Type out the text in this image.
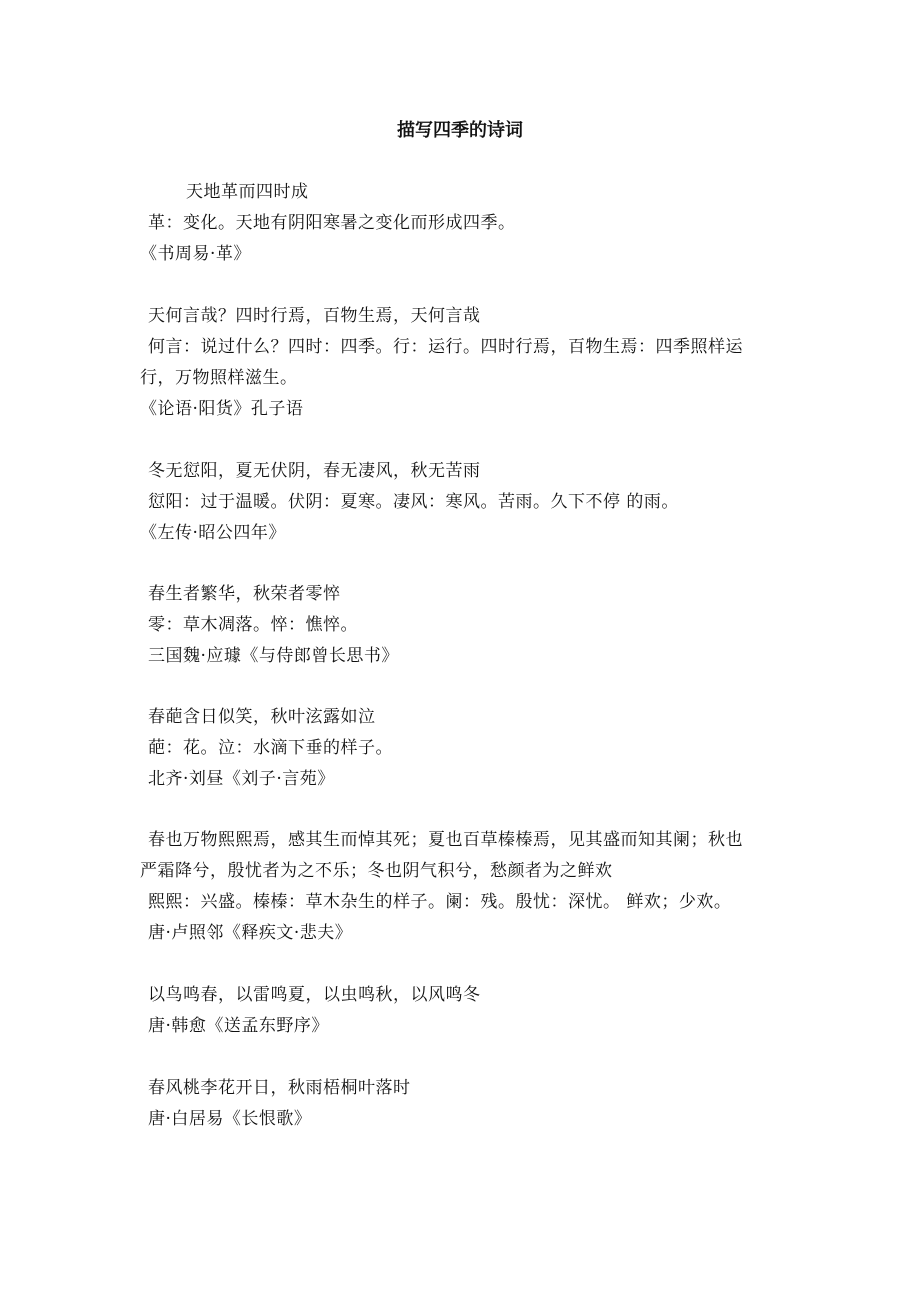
描写四季的诗词
天地革而四时成
革：变化。天地有阴阳寒暑之变化而形成四季。
《书周易·革》
天何言哉？四时行焉，百物生焉，天何言哉
何言：说过什么？四时：四季。行：运行。四时行焉，百物生焉：四季照样运
行，万物照样滋生。
《论语·阳货》孔子语
冬无愆阳，夏无伏阴，春无凄风，秋无苦雨
愆阳：过于温暖。伏阴：夏寒。凄风：寒风。苦雨。久下不停 的雨。
《左传·昭公四年》
春生者繁华，秋荣者零悴
零：草木凋落。悴：憔悴。
三国魏·应璩《与侍郎曾长思书》
春葩含日似笑，秋叶泫露如泣
葩：花。泣：水滴下垂的样子。
北齐·刘昼《刘子·言苑》
春也万物熙熙焉，感其生而悼其死；夏也百草榛榛焉，见其盛而知其阑；秋也
严霜降兮，殷忧者为之不乐；冬也阴气积兮，愁颜者为之鲜欢
熙熙：兴盛。榛榛：草木杂生的样子。阑：残。殷忧：深忧。 鲜欢；少欢。
唐·卢照邻《释疾文·悲夫》
以鸟鸣春，以雷鸣夏，以虫鸣秋，以风鸣冬
唐·韩愈《送孟东野序》
春风桃李花开日，秋雨梧桐叶落时
唐·白居易《长恨歌》
